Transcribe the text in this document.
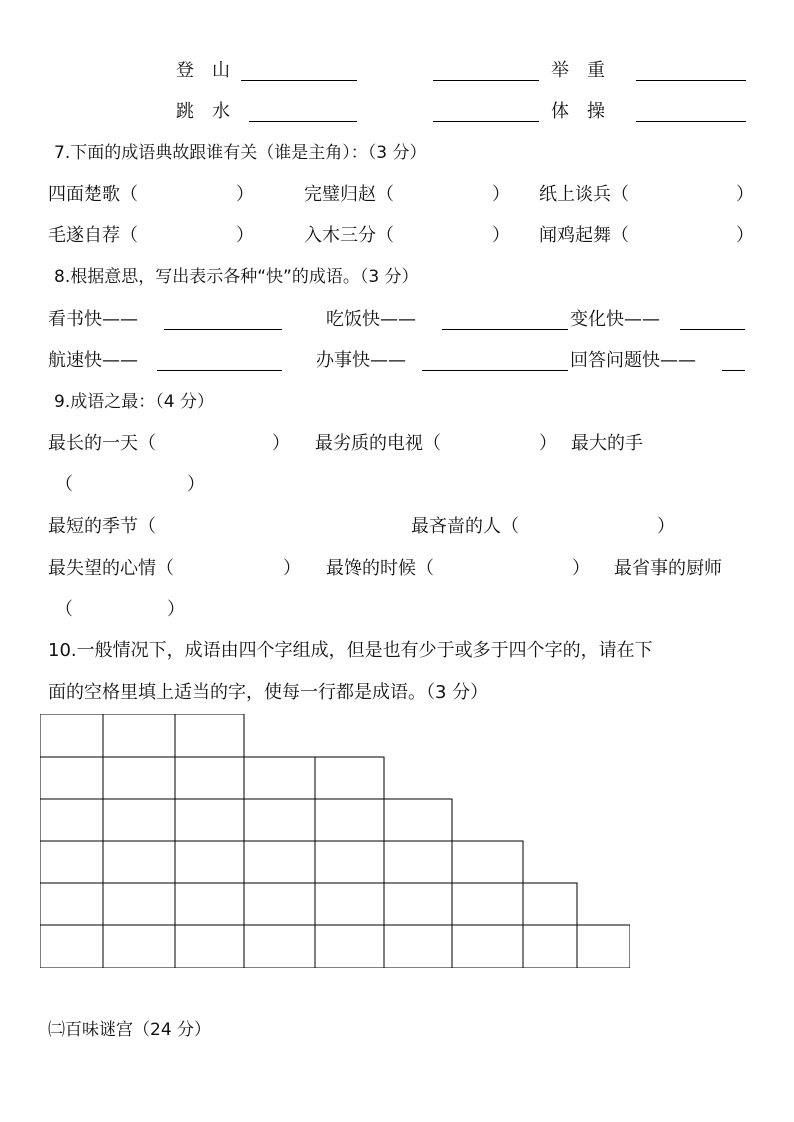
登　山	举　重
跳　水	体　操
7.下面的成语典故跟谁有关（谁是主角）：（3 分）
四面楚歌（	）	完璧归赵（	） 纸上谈兵（	）
毛遂自荐（	）	入木三分（	） 闻鸡起舞（	）
8.根据意思，写出表示各种“快”的成语。（3 分）
看书快——	吃饭快——	变化快——
航速快——	办事快——	回答问题快——
9.成语之最：（4 分）
最长的一天（	） 最劣质的电视（	） 最大的手
（	）
最短的季节（	最吝啬的人（	）
最失望的心情（	） 最馋的时候（	） 最省事的厨师
（	）
10.一般情况下，成语由四个字组成，但是也有少于或多于四个字的，请在下
面的空格里填上适当的字，使每一行都是成语。（3 分）
㈡百味谜宫（24 分）
